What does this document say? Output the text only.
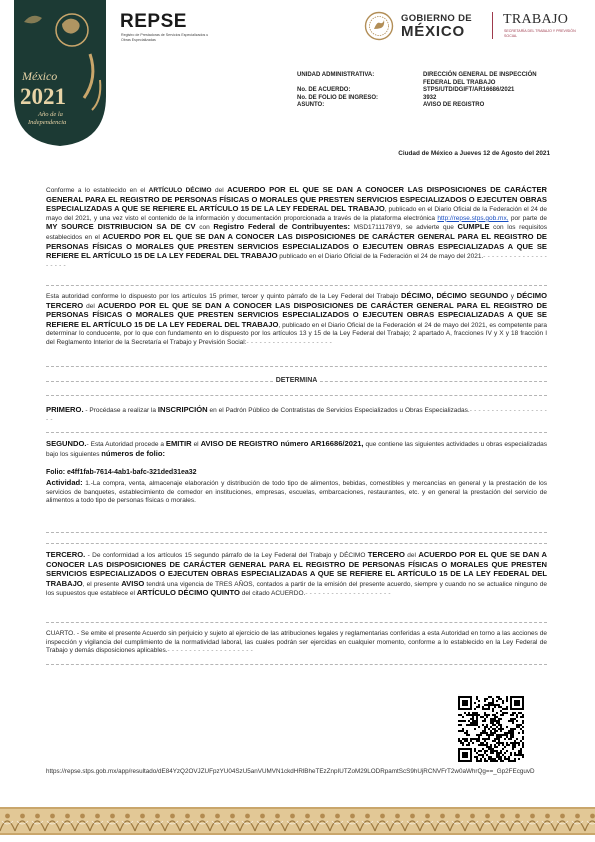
México
2021
Año de la
Independencia
REPSE
Registro de Prestadoras de Servicios Especializados u Obras Especializadas
GOBIERNO DE
MÉXICO
TRABAJO
SECRETARÍA DEL TRABAJO Y PREVISIÓN SOCIAL
UNIDAD ADMINISTRATIVA:	DIRECCIÓN GENERAL DE INSPECCIÓN FEDERAL DEL TRABAJO
No. DE ACUERDO:	STPS/UTD/DGIFT/AR16686/2021
No. DE FOLIO DE INGRESO:	3932
ASUNTO:	AVISO DE REGISTRO
Ciudad de México a Jueves 12 de Agosto del 2021
Conforme a lo establecido en el ARTÍCULO DÉCIMO del ACUERDO POR EL QUE SE DAN A CONOCER LAS DISPOSICIONES DE CARÁCTER GENERAL PARA EL REGISTRO DE PERSONAS FÍSICAS O MORALES QUE PRESTEN SERVICIOS ESPECIALIZADOS O EJECUTEN OBRAS ESPECIALIZADAS A QUE SE REFIERE EL ARTÍCULO 15 DE LA LEY FEDERAL DEL TRABAJO, publicado en el Diario Oficial de la Federación el 24 de mayo del 2021, y una vez visto el contenido de la información y documentación proporcionada a través de la plataforma electrónica http://repse.stps.gob.mx, por parte de MY SOURCE DISTRIBUCION SA DE CV con Registro Federal de Contribuyentes: MSD1711178Y9, se advierte que CUMPLE con los requisitos establecidos en el ACUERDO POR EL QUE SE DAN A CONOCER LAS DISPOSICIONES DE CARÁCTER GENERAL PARA EL REGISTRO DE PERSONAS FÍSICAS O MORALES QUE PRESTEN SERVICIOS ESPECIALIZADOS O EJECUTEN OBRAS ESPECIALIZADAS A QUE SE REFIERE EL ARTÍCULO 15 DE LA LEY FEDERAL DEL TRABAJO publicado en el Diario Oficial de la Federación el 24 de mayo del 2021.- - - - - - - - - - - - - - - - - - - -
Esta autoridad conforme lo dispuesto por los artículos 15 primer, tercer y quinto párrafo de la Ley Federal del Trabajo DÉCIMO, DÉCIMO SEGUNDO y DÉCIMO TERCERO del ACUERDO POR EL QUE SE DAN A CONOCER LAS DISPOSICIONES DE CARÁCTER GENERAL PARA EL REGISTRO DE PERSONAS FÍSICAS O MORALES QUE PRESTEN SERVICIOS ESPECIALIZADOS O EJECUTEN OBRAS ESPECIALIZADAS A QUE SE REFIERE EL ARTÍCULO 15 DE LA LEY FEDERAL DEL TRABAJO, publicado en el Diario Oficial de la Federación el 24 de mayo del 2021, es competente para determinar lo conducente, por lo que con fundamento en lo dispuesto por los artículos 13 y 15 de la Ley Federal del Trabajo; 2 apartado A, fracciones IV y X y 18 fracción I del Reglamento Interior de la Secretaría el Trabajo y Previsión Social:- - - - - - - - - - - - - - - - - - - -
DETERMINA
PRIMERO. - Procédase a realizar la INSCRIPCIÓN en el Padrón Público de Contratistas de Servicios Especializados u Obras Especializadas.- - - - - - - - - - - - - - - - - - - -
SEGUNDO.- Esta Autoridad procede a EMITIR el AVISO DE REGISTRO número AR16686/2021, que contiene las siguientes actividades u obras especializadas bajo los siguientes números de folio:
Folio: e4ff1fab-7614-4ab1-bafc-321ded31ea32
Actividad: 1.-La compra, venta, almacenaje elaboración y distribución de todo tipo de alimentos, bebidas, comestibles y mercancías en general y la prestación de los servicios de banquetes, establecimiento de comedor en instituciones, empresas, escuelas, embarcaciones, restaurantes, etc. y en general la prestación del servicio de alimentos a todo tipo de personas físicas o morales.
TERCERO. - De conformidad a los artículos 15 segundo párrafo de la Ley Federal del Trabajo y DÉCIMO TERCERO del ACUERDO POR EL QUE SE DAN A CONOCER LAS DISPOSICIONES DE CARÁCTER GENERAL PARA EL REGISTRO DE PERSONAS FÍSICAS O MORALES QUE PRESTEN SERVICIOS ESPECIALIZADOS O EJECUTEN OBRAS ESPECIALIZADAS A QUE SE REFIERE EL ARTÍCULO 15 DE LA LEY FEDERAL DEL TRABAJO, el presente AVISO tendrá una vigencia de TRES AÑOS, contados a partir de la emisión del presente acuerdo, siempre y cuando no se actualice ninguno de los supuestos que establece el ARTÍCULO DÉCIMO QUINTO del citado ACUERDO.- - - - - - - - - - - - - - - - - - - -
CUARTO. - Se emite el presente Acuerdo sin perjuicio y sujeto al ejercicio de las atribuciones legales y reglamentarias conferidas a esta Autoridad en torno a las acciones de inspección y vigilancia del cumplimiento de la normatividad laboral, las cuales podrán ser ejercidas en cualquier momento, conforme a lo establecido en la Ley Federal de Trabajo y demás disposiciones aplicables.- - - - - - - - - - - - - - - - - - - -
https://repse.stps.gob.mx/app/resultado/dE84YzQ2OVJZUFpzYU04SzU5anVUMVN1ckdHRlBheTEzZnpIUTZoM29LODRpamtScS9hUjRCNVFrT2w0aWhrQg==_Gp2FEcguvD
